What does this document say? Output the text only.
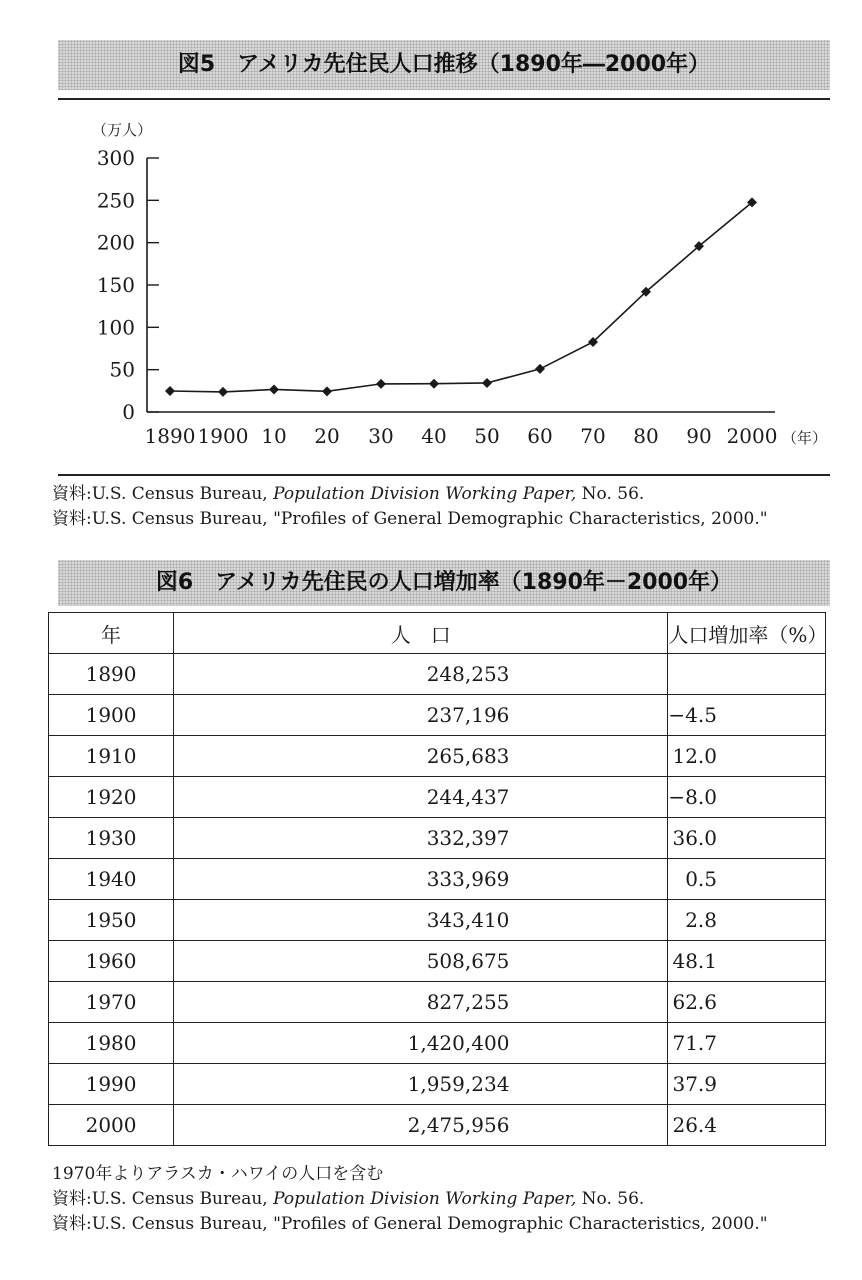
図5　アメリカ先住民人口推移（1890年―2000年）
（万人）
（年）
0
50
100
150
200
250
300
1890 1900 10 20 30 40 50 60 70 80 90 2000
資料:U.S. Census Bureau, Population Division Working Paper, No. 56.
資料:U.S. Census Bureau, "Profiles of General Demographic Characteristics, 2000."
図6　アメリカ先住民の人口増加率（1890年－2000年）
年	人　口	人口増加率（%）
1890	248,253	
1900	237,196	−4.5
1910	265,683	12.0
1920	244,437	−8.0
1930	332,397	36.0
1940	333,969	0.5
1950	343,410	2.8
1960	508,675	48.1
1970	827,255	62.6
1980	1,420,400	71.7
1990	1,959,234	37.9
2000	2,475,956	26.4
1970年よりアラスカ・ハワイの人口を含む
資料:U.S. Census Bureau, Population Division Working Paper, No. 56.
資料:U.S. Census Bureau, "Profiles of General Demographic Characteristics, 2000."
